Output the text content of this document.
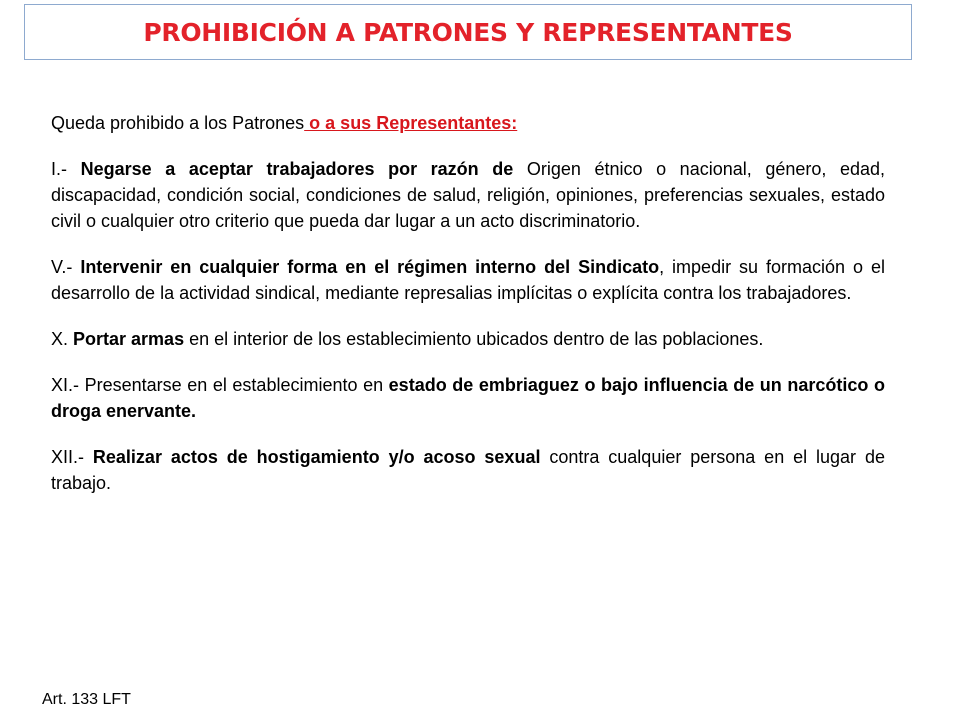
PROHIBICIÓN A PATRONES Y REPRESENTANTES

Queda prohibido a los Patrones o a sus Representantes:

I.- Negarse a aceptar trabajadores por razón de Origen étnico o nacional, género, edad, discapacidad, condición social, condiciones de salud, religión, opiniones, preferencias sexuales, estado civil o cualquier otro criterio que pueda dar lugar a un acto discriminatorio.

V.- Intervenir en cualquier forma en el régimen interno del Sindicato, impedir su formación o el desarrollo de la actividad sindical, mediante represalias implícitas o explícita contra los trabajadores.

X. Portar armas en el interior de los establecimiento ubicados dentro de las poblaciones.

XI.- Presentarse en el establecimiento en estado de embriaguez o bajo influencia de un narcótico o droga enervante.

XII.- Realizar actos de hostigamiento y/o acoso sexual contra cualquier persona en el lugar de trabajo.

Art. 133 LFT
